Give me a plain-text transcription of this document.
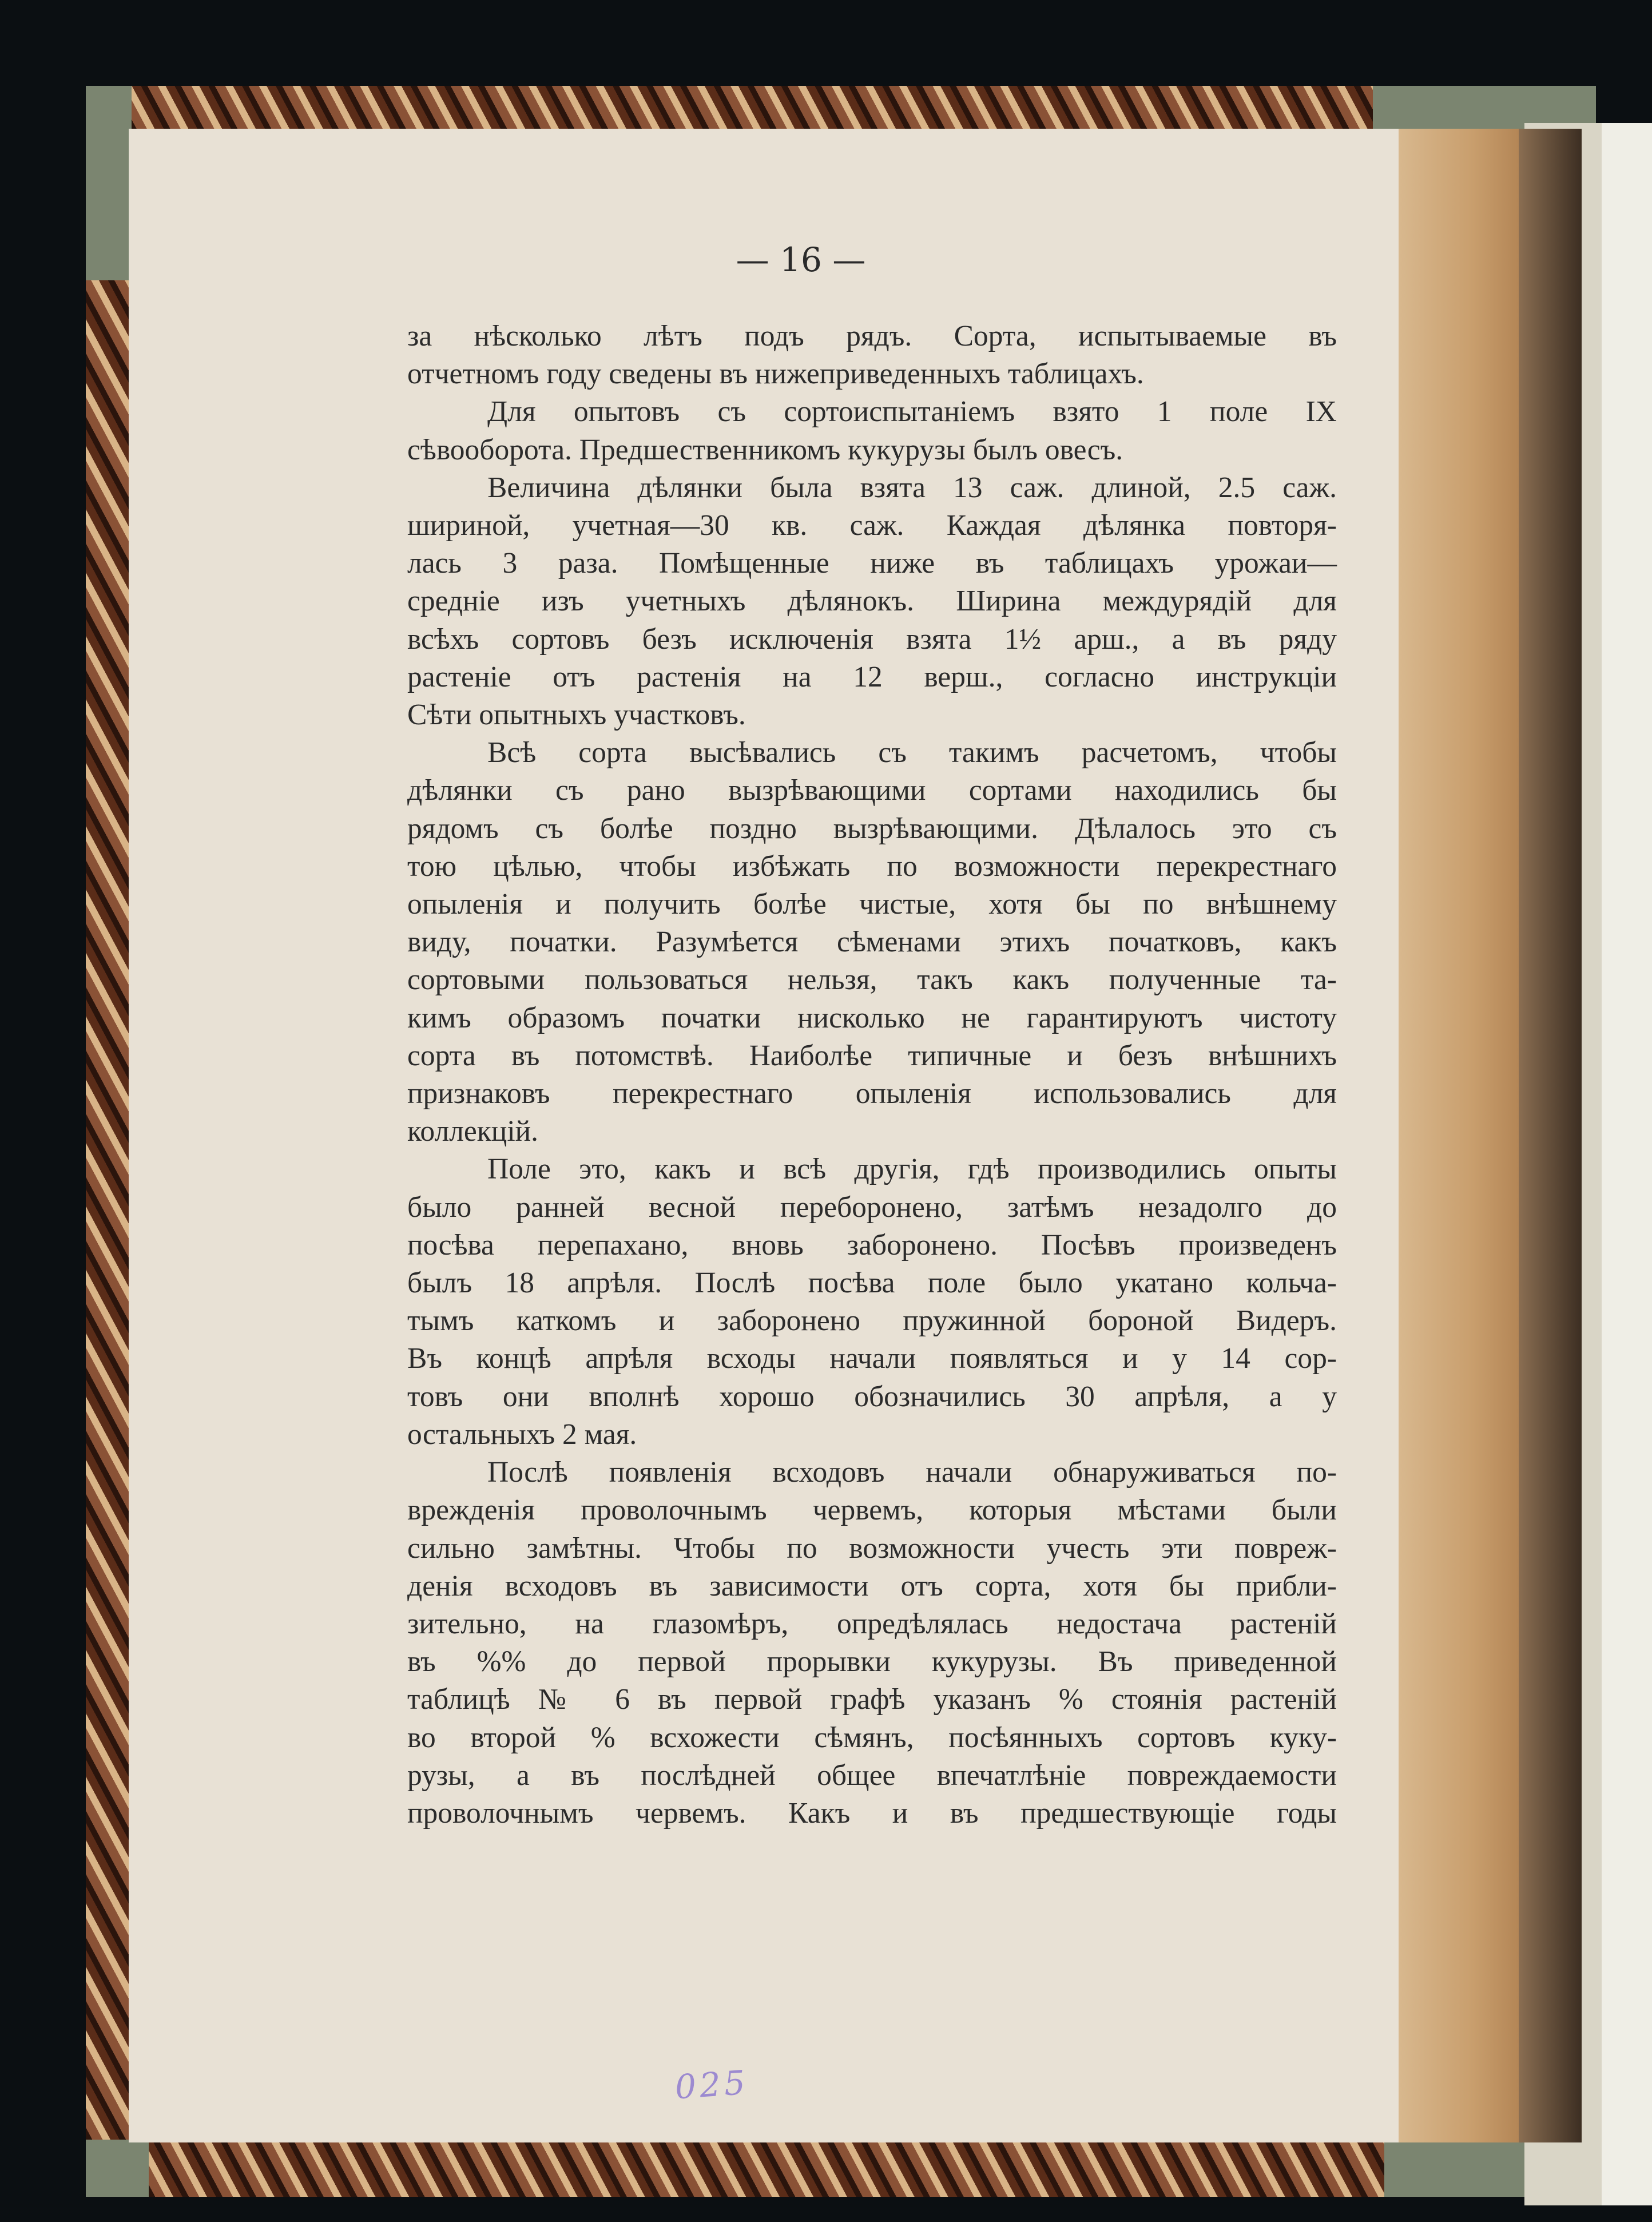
— 16 —
за нѣсколько лѣтъ подъ рядъ. Сорта, испытываемые въ
отчетномъ году сведены въ нижеприведенныхъ таблицахъ.
Для опытовъ съ сортоиспытаніемъ взято 1 поле IX
сѣвооборота. Предшественникомъ кукурузы былъ овесъ.
Величина дѣлянки была взята 13 саж. длиной, 2.5 саж.
шириной, учетная—30 кв. саж. Каждая дѣлянка повторя-
лась 3 раза. Помѣщенные ниже въ таблицахъ урожаи—
средніе изъ учетныхъ дѣлянокъ. Ширина междурядій для
всѣхъ сортовъ безъ исключенія взята 1½ арш., а въ ряду
растеніе отъ растенія на 12 верш., согласно инструкціи
Сѣти опытныхъ участковъ.
Всѣ сорта высѣвались съ такимъ расчетомъ, чтобы
дѣлянки съ рано вызрѣвающими сортами находились бы
рядомъ съ болѣе поздно вызрѣвающими. Дѣлалось это съ
тою цѣлью, чтобы избѣжать по возможности перекрестнаго
опыленія и получить болѣе чистые, хотя бы по внѣшнему
виду, початки. Разумѣется сѣменами этихъ початковъ, какъ
сортовыми пользоваться нельзя, такъ какъ полученные та-
кимъ образомъ початки нисколько не гарантируютъ чистоту
сорта въ потомствѣ. Наиболѣе типичные и безъ внѣшнихъ
признаковъ перекрестнаго опыленія использовались для
коллекцій.
Поле это, какъ и всѣ другія, гдѣ производились опыты
было ранней весной переборонено, затѣмъ незадолго до
посѣва перепахано, вновь заборонено. Посѣвъ произведенъ
былъ 18 апрѣля. Послѣ посѣва поле было укатано кольча-
тымъ каткомъ и заборонено пружинной бороной Видеръ.
Въ концѣ апрѣля всходы начали появляться и у 14 сор-
товъ они вполнѣ хорошо обозначились 30 апрѣля, а у
остальныхъ 2 мая.
Послѣ появленія всходовъ начали обнаруживаться по-
врежденія проволочнымъ червемъ, которыя мѣстами были
сильно замѣтны. Чтобы по возможности учесть эти повреж-
денія всходовъ въ зависимости отъ сорта, хотя бы прибли-
зительно, на глазомѣръ, опредѣлялась недостача растеній
въ %% до первой прорывки кукурузы. Въ приведенной
таблицѣ № 6 въ первой графѣ указанъ % стоянія растеній
во второй % всхожести сѣмянъ, посѣянныхъ сортовъ куку-
рузы, а въ послѣдней общее впечатлѣніе повреждаемости
проволочнымъ червемъ. Какъ и въ предшествующіе годы
025
